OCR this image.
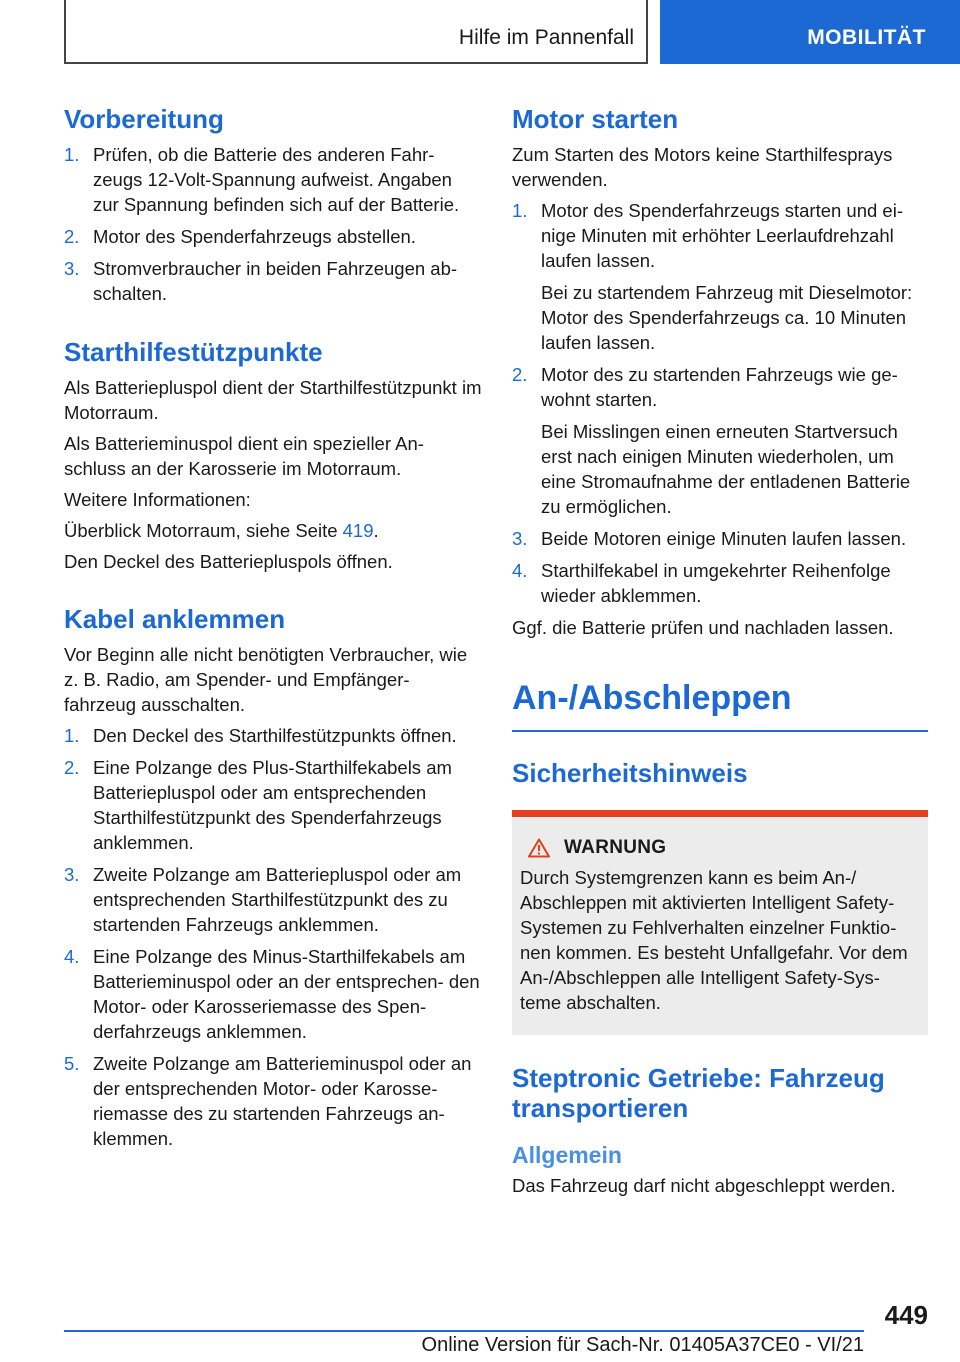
Hilfe im Pannenfall	MOBILITÄT
Vorbereitung
1. Prüfen, ob die Batterie des anderen Fahr- zeugs 12-Volt-Spannung aufweist. Angaben zur Spannung befinden sich auf der Batterie.
2. Motor des Spenderfahrzeugs abstellen.
3. Stromverbraucher in beiden Fahrzeugen ab- schalten.
Starthilfestützpunkte

Als Batteriepluspol dient der Starthilfestützpunkt im Motorraum.

Als Batterieminuspol dient ein spezieller An- schluss an der Karosserie im Motorraum.

Weitere Informationen:

Überblick Motorraum, siehe Seite 419.

Den Deckel des Batteriepluspols öffnen.

Kabel anklemmen

Vor Beginn alle nicht benötigten Verbraucher, wie z. B. Radio, am Spender- und Empfänger- fahrzeug ausschalten.

1. Den Deckel des Starthilfestützpunkts öffnen.
2. Eine Polzange des Plus-Starthilfekabels am Batteriepluspol oder am entsprechenden Starthilfestützpunkt des Spenderfahrzeugs anklemmen.
3. Zweite Polzange am Batteriepluspol oder am entsprechenden Starthilfestützpunkt des zu startenden Fahrzeugs anklemmen.
4. Eine Polzange des Minus-Starthilfekabels am Batterieminuspol oder an der entsprechen- den Motor- oder Karosseriemasse des Spen- derfahrzeugs anklemmen.
5. Zweite Polzange am Batterieminuspol oder an der entsprechenden Motor- oder Karosse- riemasse des zu startenden Fahrzeugs an- klemmen.
Motor starten

Zum Starten des Motors keine Starthilfesprays verwenden.

1. Motor des Spenderfahrzeugs starten und ei- nige Minuten mit erhöhter Leerlaufdrehzahl laufen lassen.
Bei zu startendem Fahrzeug mit Dieselmotor: Motor des Spenderfahrzeugs ca. 10 Minuten laufen lassen.
2. Motor des zu startenden Fahrzeugs wie ge- wohnt starten.
Bei Misslingen einen erneuten Startversuch erst nach einigen Minuten wiederholen, um eine Stromaufnahme der entladenen Batterie zu ermöglichen.
3. Beide Motoren einige Minuten laufen lassen.
4. Starthilfekabel in umgekehrter Reihenfolge wieder abklemmen.

Ggf. die Batterie prüfen und nachladen lassen.

An-/Abschleppen
Sicherheitshinweis
WARNUNG

Durch Systemgrenzen kann es beim An-/ Abschleppen mit aktivierten Intelligent Safety- Systemen zu Fehlverhalten einzelner Funktio- nen kommen. Es besteht Unfallgefahr. Vor dem An-/Abschleppen alle Intelligent Safety-Sys- teme abschalten.

Steptronic Getriebe: Fahrzeug transportieren
Allgemein

Das Fahrzeug darf nicht abgeschleppt werden.

449
Online Version für Sach-Nr. 01405A37CE0 - VI/21
